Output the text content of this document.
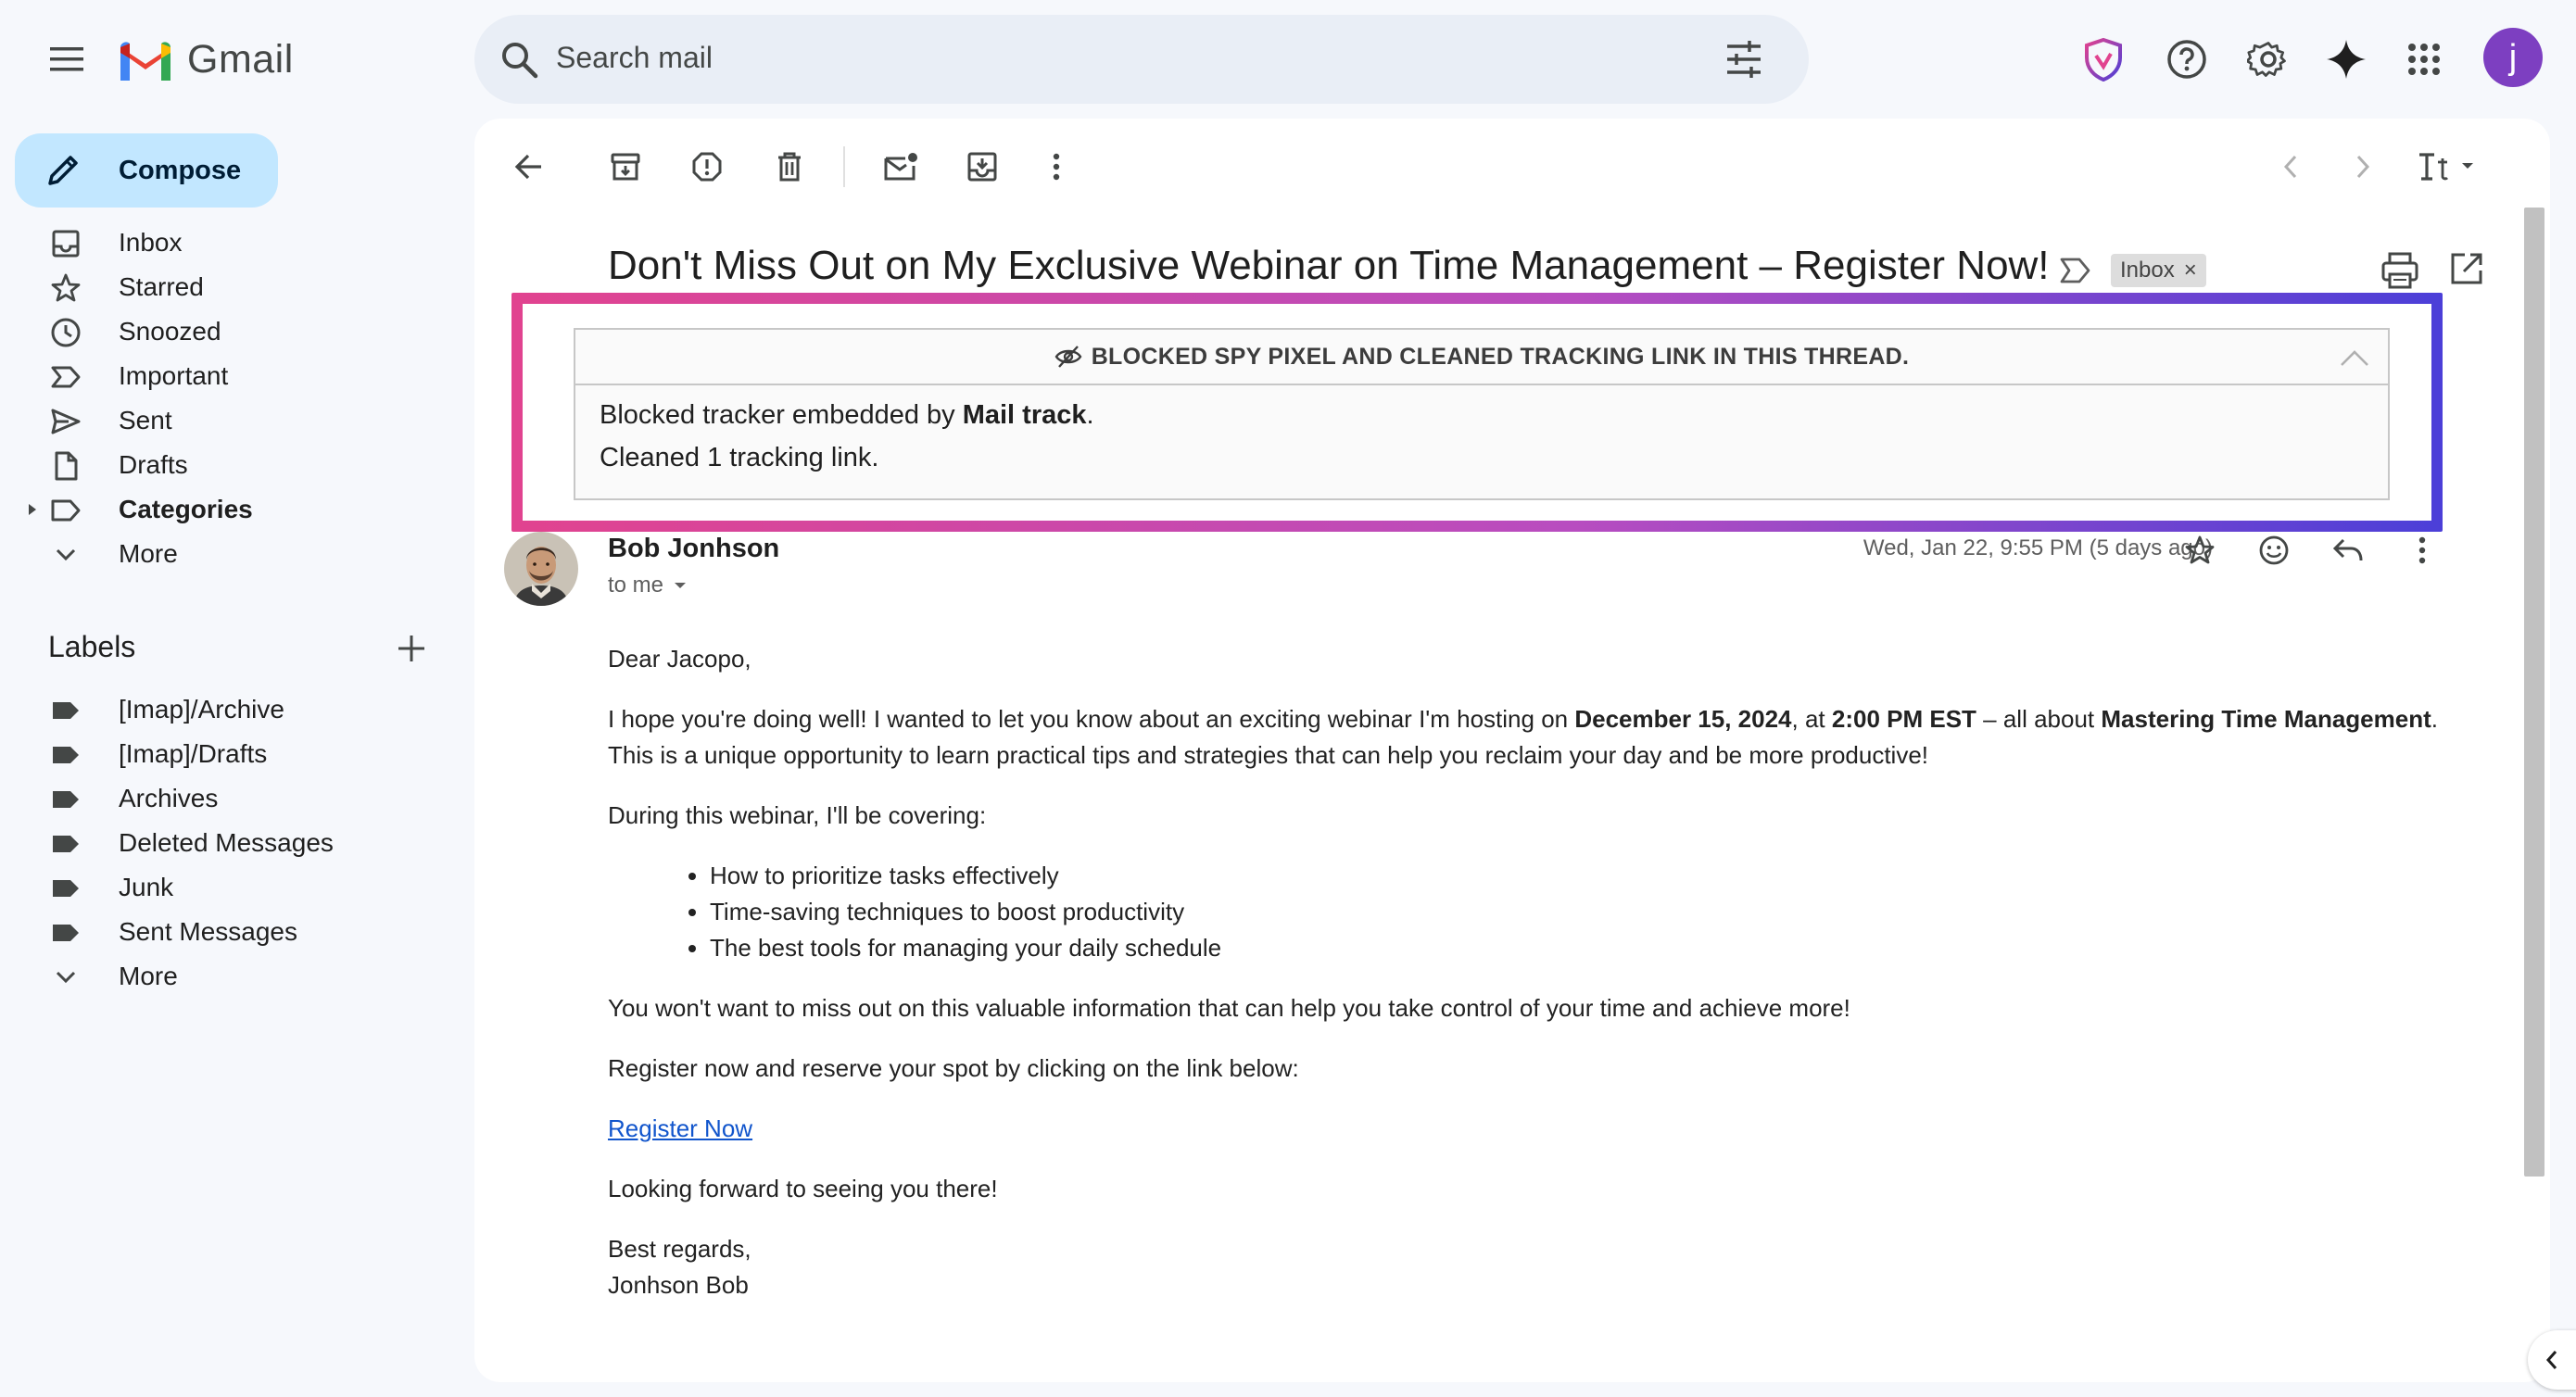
Gmail	Search mail	j
Compose
Inbox
Starred
Snoozed
Important
Sent
Drafts
Categories
More
Labels
[Imap]/Archive
[Imap]/Drafts
Archives
Deleted Messages
Junk
Sent Messages
More
Don't Miss Out on My Exclusive Webinar on Time Management – Register Now!	Inbox ×
BLOCKED SPY PIXEL AND CLEANED TRACKING LINK IN THIS THREAD.
Blocked tracker embedded by Mail track.
Cleaned 1 tracking link.
Bob Jonhson
to me
Wed, Jan 22, 9:55 PM (5 days ago)

Dear Jacopo,

I hope you're doing well! I wanted to let you know about an exciting webinar I'm hosting on December 15, 2024, at 2:00 PM EST – all about Mastering Time Management.
This is a unique opportunity to learn practical tips and strategies that can help you reclaim your day and be more productive!

During this webinar, I'll be covering:

• How to prioritize tasks effectively
• Time-saving techniques to boost productivity
• The best tools for managing your daily schedule

You won't want to miss out on this valuable information that can help you take control of your time and achieve more!

Register now and reserve your spot by clicking on the link below:

Register Now

Looking forward to seeing you there!

Best regards,
Jonhson Bob
